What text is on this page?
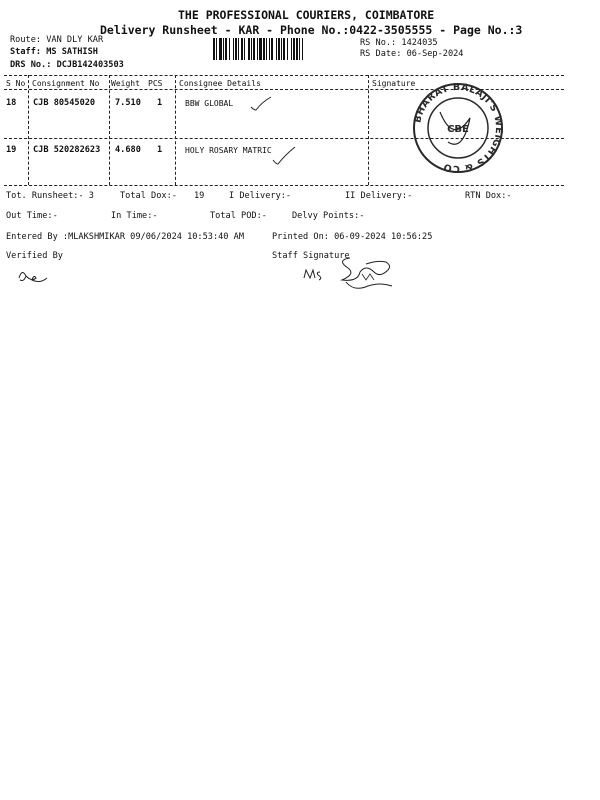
THE PROFESSIONAL COURIERS, COIMBATORE
Delivery Runsheet - KAR - Phone No.:0422-3505555 - Page No.:3
Route: VAN DLY KAR
Staff: MS SATHISH
DRS No.: DCJB142403503
RS No.: 1424035
RS Date: 06-Sep-2024
S No Consignment No Weight PCS Consignee Details	Signature
18 CJB 80545020 7.510 1	BBW GLOBAL
19 CJB 520282623 4.680 1	HOLY ROSARY MATRIC
BHARAT BALAJI'S WEIGHTS & CO
CBE
Tot. Runsheet:- 3	Total Dox:- 19	I Delivery:-	II Delivery:-	RTN Dox:-
Out Time:-	In Time:-	Total POD:-	Delvy Points:-
Entered By :MLAKSHMIKAR 09/06/2024 10:53:40 AM	Printed On: 06-09-2024 10:56:25
Verified By	Staff Signature
